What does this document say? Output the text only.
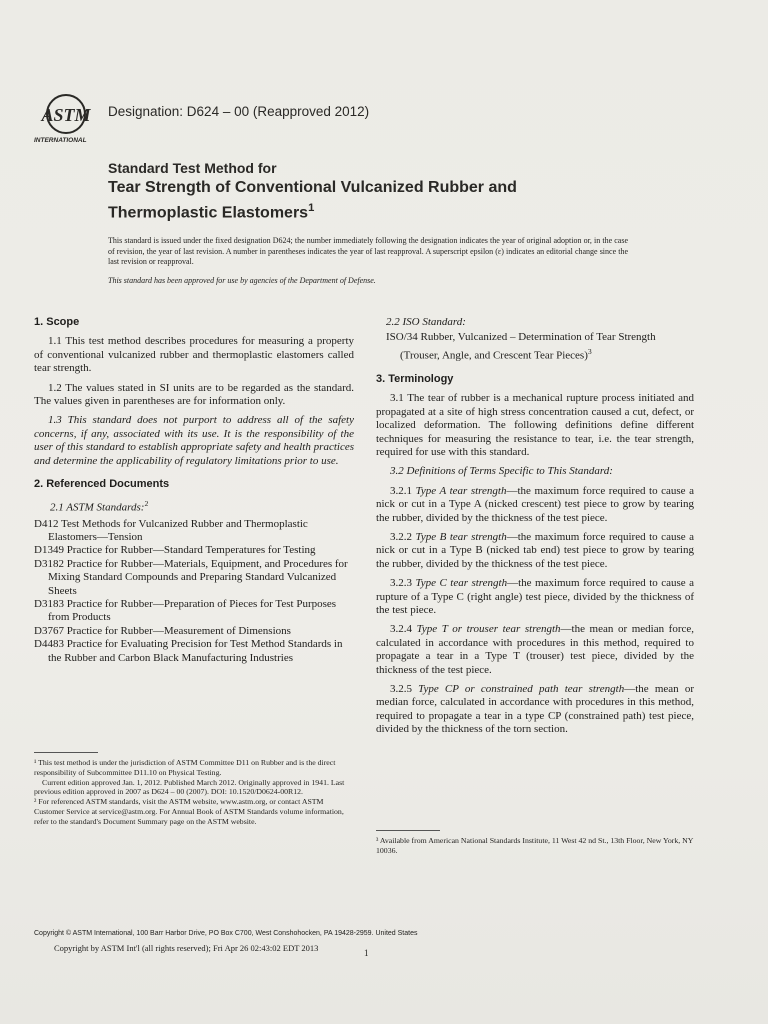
ASTM
INTERNATIONAL
Designation: D624 – 00 (Reapproved 2012)
Standard Test Method for
Tear Strength of Conventional Vulcanized Rubber and
Thermoplastic Elastomers$^1$
This standard is issued under the fixed designation D624; the number immediately following the designation indicates the year of original adoption or, in the case of revision, the year of last revision. A number in parentheses indicates the year of last reapproval. A superscript epsilon (ε) indicates an editorial change since the last revision or reapproval.
This standard has been approved for use by agencies of the Department of Defense.
1. Scope
1.1 This test method describes procedures for measuring a property of conventional vulcanized rubber and thermoplastic elastomers called tear strength.
1.2 The values stated in SI units are to be regarded as the standard. The values given in parentheses are for information only.
1.3 This standard does not purport to address all of the safety concerns, if any, associated with its use. It is the responsibility of the user of this standard to establish appropriate safety and health practices and determine the applicability of regulatory limitations prior to use.
2. Referenced Documents
2.1 ASTM Standards:$^2$
D412 Test Methods for Vulcanized Rubber and Thermoplastic Elastomers—Tension
D1349 Practice for Rubber—Standard Temperatures for Testing
D3182 Practice for Rubber—Materials, Equipment, and Procedures for Mixing Standard Compounds and Preparing Standard Vulcanized Sheets
D3183 Practice for Rubber—Preparation of Pieces for Test Purposes from Products
D3767 Practice for Rubber—Measurement of Dimensions
D4483 Practice for Evaluating Precision for Test Method Standards in the Rubber and Carbon Black Manufacturing Industries
¹ This test method is under the jurisdiction of ASTM Committee D11 on Rubber and is the direct responsibility of Subcommittee D11.10 on Physical Testing.
Current edition approved Jan. 1, 2012. Published March 2012. Originally approved in 1941. Last previous edition approved in 2007 as D624 – 00 (2007). DOI: 10.1520/D0624-00R12.
² For referenced ASTM standards, visit the ASTM website, www.astm.org, or contact ASTM Customer Service at service@astm.org. For Annual Book of ASTM Standards volume information, refer to the standard's Document Summary page on the ASTM website.
2.2 ISO Standard:
ISO/34 Rubber, Vulcanized – Determination of Tear Strength (Trouser, Angle, and Crescent Tear Pieces)$^3$
3. Terminology
3.1 The tear of rubber is a mechanical rupture process initiated and propagated at a site of high stress concentration caused a cut, defect, or localized deformation. The following definitions define different techniques for measuring the resistance to tear, i.e. the tear strength, required for use with this standard.
3.2 Definitions of Terms Specific to This Standard:
3.2.1 Type A tear strength—the maximum force required to cause a nick or cut in a Type A (nicked crescent) test piece to grow by tearing the rubber, divided by the thickness of the test piece.
3.2.2 Type B tear strength—the maximum force required to cause a nick or cut in a Type B (nicked tab end) test piece to grow by tearing the rubber, divided by the thickness of the test piece.
3.2.3 Type C tear strength—the maximum force required to cause a rupture of a Type C (right angle) test piece, divided by the thickness of the test piece.
3.2.4 Type T or trouser tear strength—the mean or median force, calculated in accordance with procedures in this method, required to propagate a tear in a Type T (trouser) test piece, divided by the thickness of the test piece.
3.2.5 Type CP or constrained path tear strength—the mean or median force, calculated in accordance with procedures in this method, required to propagate a tear in a type CP (constrained path) test piece, divided by the thickness of the torn section.
³ Available from American National Standards Institute, 11 West 42 nd St., 13th Floor, New York, NY 10036.
Copyright © ASTM International, 100 Barr Harbor Drive, PO Box C700, West Conshohocken, PA 19428-2959. United States
Copyright by ASTM Int'l (all rights reserved); Fri Apr 26 02:43:02 EDT 2013	1
